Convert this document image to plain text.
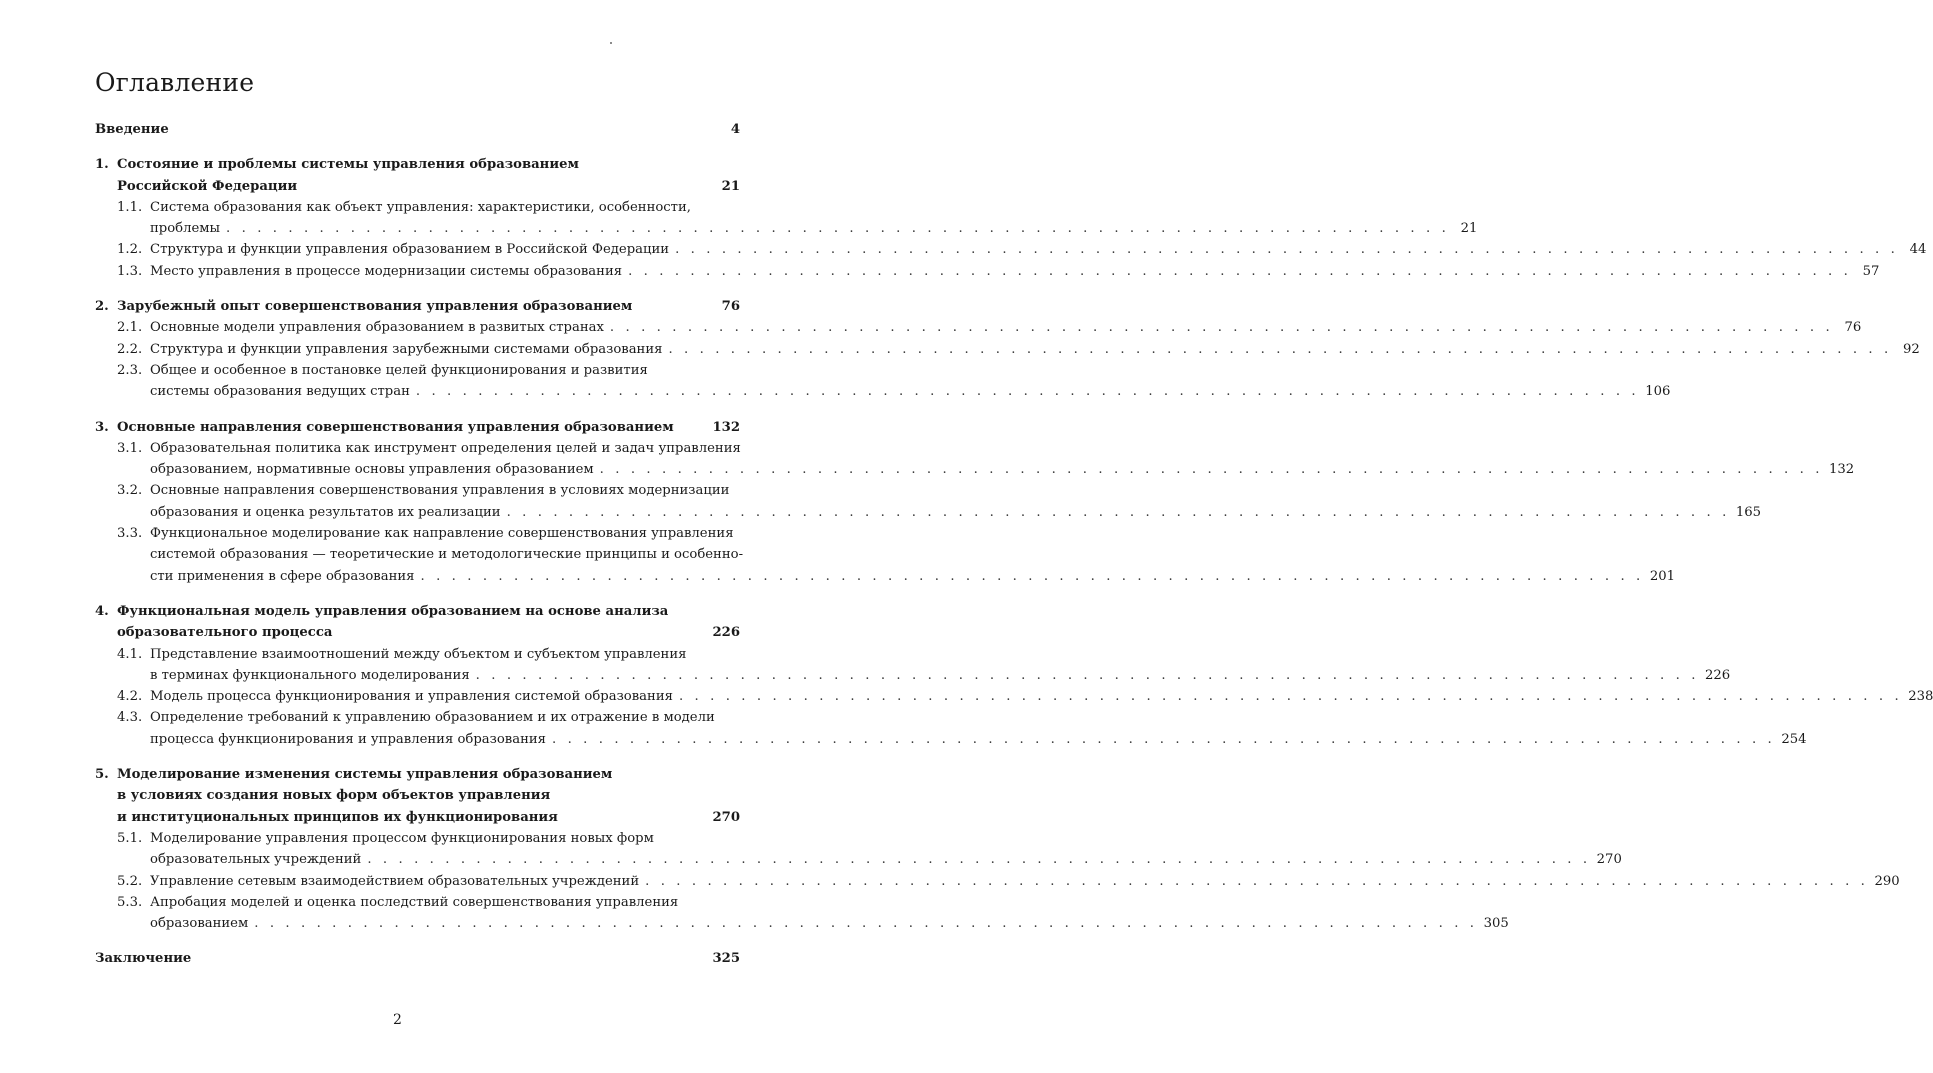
Оглавление
Введение	4
1. Состояние и проблемы системы управления образованием
Российской Федерации	21
1.1. Система образования как объект управления: характеристики, особенности,
проблемы . . . . . . . . . . . . . . . . . . . . . . . . . . . . . . . . . . . . . . . . . . . . . . . . . . . . . . . . . . . . . . . . . . . . . . . . . . . . . . . 21
1.2. Структура и функции управления образованием в Российской Федерации . . . . . . . . . . . . . . . . . . . . . . . . . . . . . . . . . . . . . . . . . . . . . . . . . . . . . . . . . . . . . . . . . . . . . . . . . . . . . . . 44
1.3. Место управления в процессе модернизации системы образования . . . . . . . . . . . . . . . . . . . . . . . . . . . . . . . . . . . . . . . . . . . . . . . . . . . . . . . . . . . . . . . . . . . . . . . . . . . . . . . 57
2. Зарубежный опыт совершенствования управления образованием	76
2.1. Основные модели управления образованием в развитых странах . . . . . . . . . . . . . . . . . . . . . . . . . . . . . . . . . . . . . . . . . . . . . . . . . . . . . . . . . . . . . . . . . . . . . . . . . . . . . . . 76
2.2. Структура и функции управления зарубежными системами образования . . . . . . . . . . . . . . . . . . . . . . . . . . . . . . . . . . . . . . . . . . . . . . . . . . . . . . . . . . . . . . . . . . . . . . . . . . . . . . . 92
2.3. Общее и особенное в постановке целей функционирования и развития
системы образования ведущих стран . . . . . . . . . . . . . . . . . . . . . . . . . . . . . . . . . . . . . . . . . . . . . . . . . . . . . . . . . . . . . . . . . . . . . . . . . . . . . . . 106
3. Основные направления совершенствования управления образованием	132
3.1. Образовательная политика как инструмент определения целей и задач управления
образованием, нормативные основы управления образованием . . . . . . . . . . . . . . . . . . . . . . . . . . . . . . . . . . . . . . . . . . . . . . . . . . . . . . . . . . . . . . . . . . . . . . . . . . . . . . . 132
3.2. Основные направления совершенствования управления в условиях модернизации
образования и оценка результатов их реализации . . . . . . . . . . . . . . . . . . . . . . . . . . . . . . . . . . . . . . . . . . . . . . . . . . . . . . . . . . . . . . . . . . . . . . . . . . . . . . . 165
3.3. Функциональное моделирование как направление совершенствования управления
системой образования — теоретические и методологические принципы и особенно-
сти применения в сфере образования . . . . . . . . . . . . . . . . . . . . . . . . . . . . . . . . . . . . . . . . . . . . . . . . . . . . . . . . . . . . . . . . . . . . . . . . . . . . . . . 201
4. Функциональная модель управления образованием на основе анализа
образовательного процесса	226
4.1. Представление взаимоотношений между объектом и субъектом управления
в терминах функционального моделирования . . . . . . . . . . . . . . . . . . . . . . . . . . . . . . . . . . . . . . . . . . . . . . . . . . . . . . . . . . . . . . . . . . . . . . . . . . . . . . . 226
4.2. Модель процесса функционирования и управления системой образования . . . . . . . . . . . . . . . . . . . . . . . . . . . . . . . . . . . . . . . . . . . . . . . . . . . . . . . . . . . . . . . . . . . . . . . . . . . . . . . 238
4.3. Определение требований к управлению образованием и их отражение в модели
процесса функционирования и управления образования . . . . . . . . . . . . . . . . . . . . . . . . . . . . . . . . . . . . . . . . . . . . . . . . . . . . . . . . . . . . . . . . . . . . . . . . . . . . . . . 254
5. Моделирование изменения системы управления образованием
в условиях создания новых форм объектов управления
и институциональных принципов их функционирования	270
5.1. Моделирование управления процессом функционирования новых форм
образовательных учреждений . . . . . . . . . . . . . . . . . . . . . . . . . . . . . . . . . . . . . . . . . . . . . . . . . . . . . . . . . . . . . . . . . . . . . . . . . . . . . . . 270
5.2. Управление сетевым взаимодействием образовательных учреждений . . . . . . . . . . . . . . . . . . . . . . . . . . . . . . . . . . . . . . . . . . . . . . . . . . . . . . . . . . . . . . . . . . . . . . . . . . . . . . . 290
5.3. Апробация моделей и оценка последствий совершенствования управления
образованием . . . . . . . . . . . . . . . . . . . . . . . . . . . . . . . . . . . . . . . . . . . . . . . . . . . . . . . . . . . . . . . . . . . . . . . . . . . . . . . 305
Заключение	325
2
